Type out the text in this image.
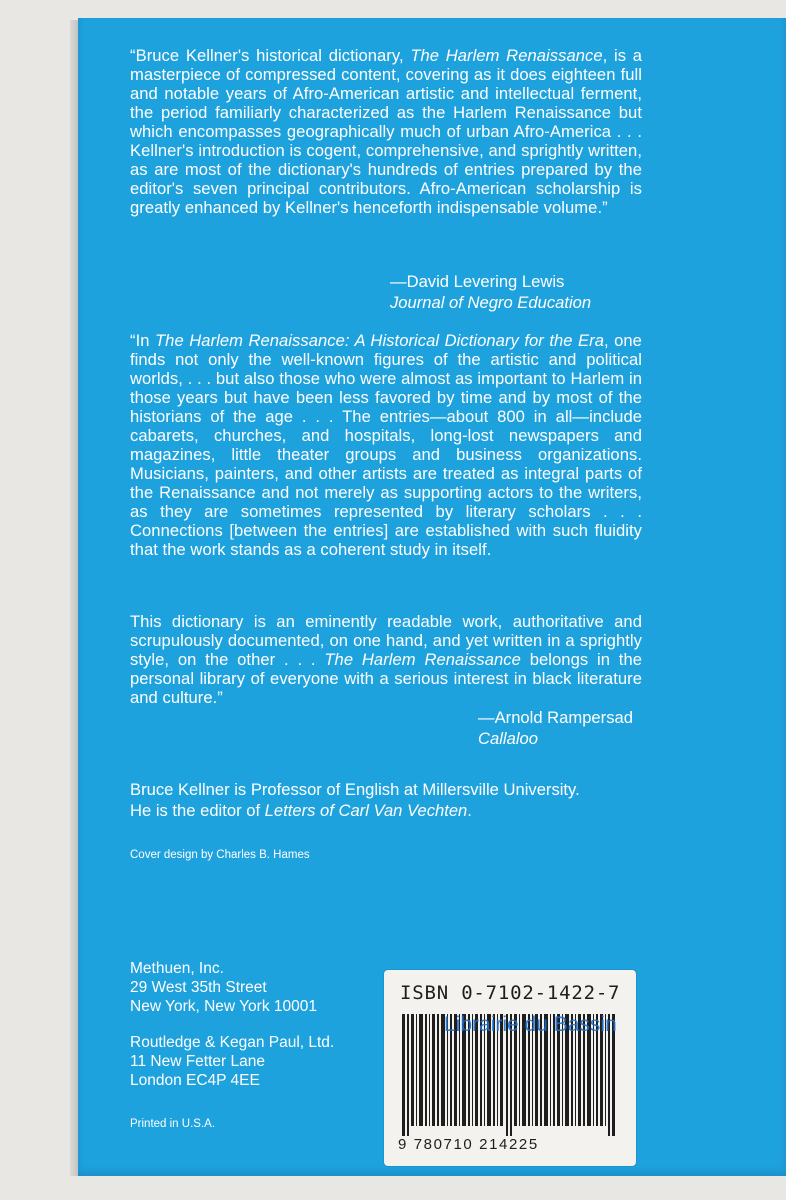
“Bruce Kellner's historical dictionary, The Harlem Renaissance, is a masterpiece of compressed content, covering as it does eighteen full and notable years of Afro-American artistic and intellectual ferment, the period familiarly characterized as the Harlem Renaissance but which encompasses geographically much of urban Afro-America . . . Kellner's introduction is cogent, comprehensive, and sprightly written, as are most of the dictionary's hundreds of entries prepared by the editor's seven principal contributors. Afro-American scholarship is greatly enhanced by Kellner's henceforth indispensable volume.”
—David Levering Lewis
Journal of Negro Education
“In The Harlem Renaissance: A Historical Dictionary for the Era, one finds not only the well-known figures of the artistic and political worlds, . . . but also those who were almost as important to Harlem in those years but have been less favored by time and by most of the historians of the age . . . The entries—about 800 in all—include cabarets, churches, and hospitals, long-lost newspapers and magazines, little theater groups and business organizations. Musicians, painters, and other artists are treated as integral parts of the Renaissance and not merely as supporting actors to the writers, as they are sometimes represented by literary scholars . . . Connections [between the entries] are established with such fluidity that the work stands as a coherent study in itself.
This dictionary is an eminently readable work, authoritative and scrupulously documented, on one hand, and yet written in a sprightly style, on the other . . . The Harlem Renaissance belongs in the personal library of everyone with a serious interest in black literature and culture.”
—Arnold Rampersad
Callaloo
Bruce Kellner is Professor of English at Millersville University.
He is the editor of Letters of Carl Van Vechten.
Cover design by Charles B. Hames
Methuen, Inc.
29 West 35th Street
New York, New York 10001
Routledge & Kegan Paul, Ltd.
11 New Fetter Lane
London EC4P 4EE
Printed in U.S.A.
ISBN 0-7102-1422-7
9 780710 214225
Librairie du Bassin
